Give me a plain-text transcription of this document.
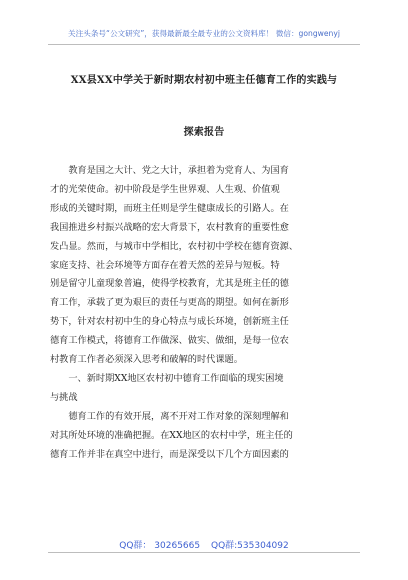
关注头条号“公文研究”，获得最新最全最专业的公文资料库！ 微信：gongwenyj
XX县XX中学关于新时期农村初中班主任德育工作的实践与
探索报告
　　教育是国之大计、党之大计，承担着为党育人、为国育
才的光荣使命。初中阶段是学生世界观、人生观、价值观
形成的关键时期，而班主任则是学生健康成长的引路人。在
我国推进乡村振兴战略的宏大背景下，农村教育的重要性愈
发凸显。然而，与城市中学相比，农村初中学校在德育资源、
家庭支持、社会环境等方面存在着天然的差异与短板。特
别是留守儿童现象普遍，使得学校教育，尤其是班主任的德
育工作，承载了更为艰巨的责任与更高的期望。如何在新形
势下，针对农村初中生的身心特点与成长环境，创新班主任
德育工作模式，将德育工作做深、做实、做细，是每一位农
村教育工作者必须深入思考和破解的时代课题。
　　一、新时期XX地区农村初中德育工作面临的现实困境
与挑战
　　德育工作的有效开展，离不开对工作对象的深刻理解和
对其所处环境的准确把握。在XX地区的农村中学，班主任的
德育工作并非在真空中进行，而是深受以下几个方面因素的
QQ群： 30265665 QQ群:535304092
